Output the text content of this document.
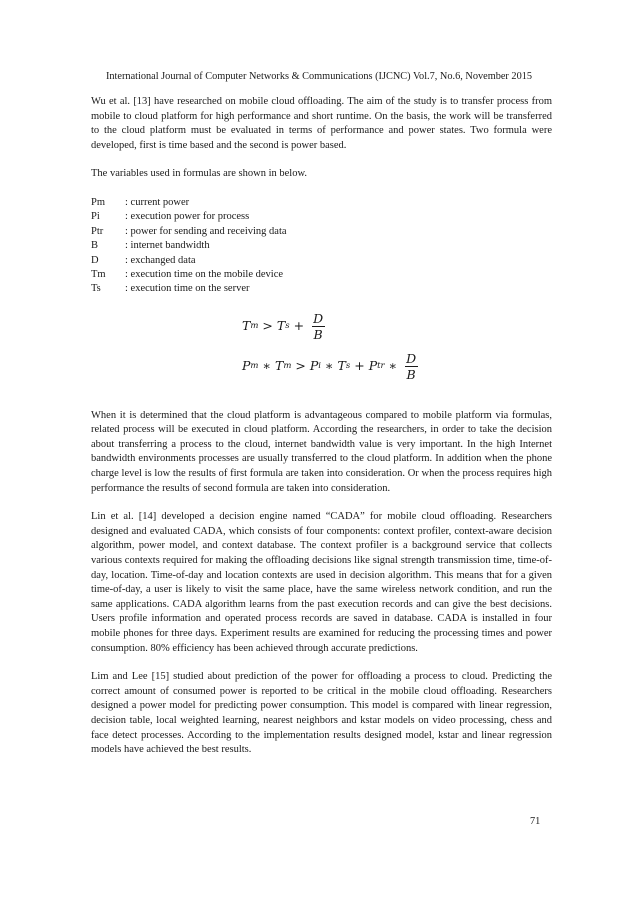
International Journal of Computer Networks & Communications (IJCNC) Vol.7, No.6, November 2015

Wu et al. [13] have researched on mobile cloud offloading. The aim of the study is to transfer process from mobile to cloud platform for high performance and short runtime. On the basis, the work will be transferred to the cloud platform must be evaluated in terms of performance and power states. Two formula were developed, first is time based and the second is power based.

The variables used in formulas are shown in below.

Pm	: current power
Pi	: execution power for process
Ptr	: power for sending and receiving data
B	: internet bandwidth
D	: exchanged data
Tm	: execution time on the mobile device
Ts	: execution time on the server
T m > T $s + \frac{D}{B}$
P m ∗ T m > P i ∗ T s + P tr ∗ $\frac{D}{B}$

When it is determined that the cloud platform is advantageous compared to mobile platform via formulas, related process will be executed in cloud platform. According the researchers, in order to take the decision about transferring a process to the cloud, internet bandwidth value is very important. In the high Internet bandwidth environments processes are usually transferred to the cloud platform. In addition when the phone charge level is low the results of first formula are taken into consideration. Or when the process requires high performance the results of second formula are taken into consideration.

Lin et al. [14] developed a decision engine named “CADA” for mobile cloud offloading. Researchers designed and evaluated CADA, which consists of four components: context profiler, context-aware decision algorithm, power model, and context database. The context profiler is a background service that collects various contexts required for making the offloading decisions like signal strength transmission time, time-of-day, location. Time-of-day and location contexts are used in decision algorithm. This means that for a given time-of-day, a user is likely to visit the same place, have the same wireless network condition, and run the same applications. CADA algorithm learns from the past execution records and can give the best decisions. Users profile information and operated process records are saved in database. CADA is installed in four mobile phones for three days. Experiment results are examined for reducing the processing times and power consumption. 80% efficiency has been achieved through accurate predictions.

Lim and Lee [15] studied about prediction of the power for offloading a process to cloud. Predicting the correct amount of consumed power is reported to be critical in the mobile cloud offloading. Researchers designed a power model for predicting power consumption. This model is compared with linear regression, decision table, local weighted learning, nearest neighbors and kstar models on video processing, chess and face detect processes. According to the implementation results designed model, kstar and linear regression models have achieved the best results.

71
